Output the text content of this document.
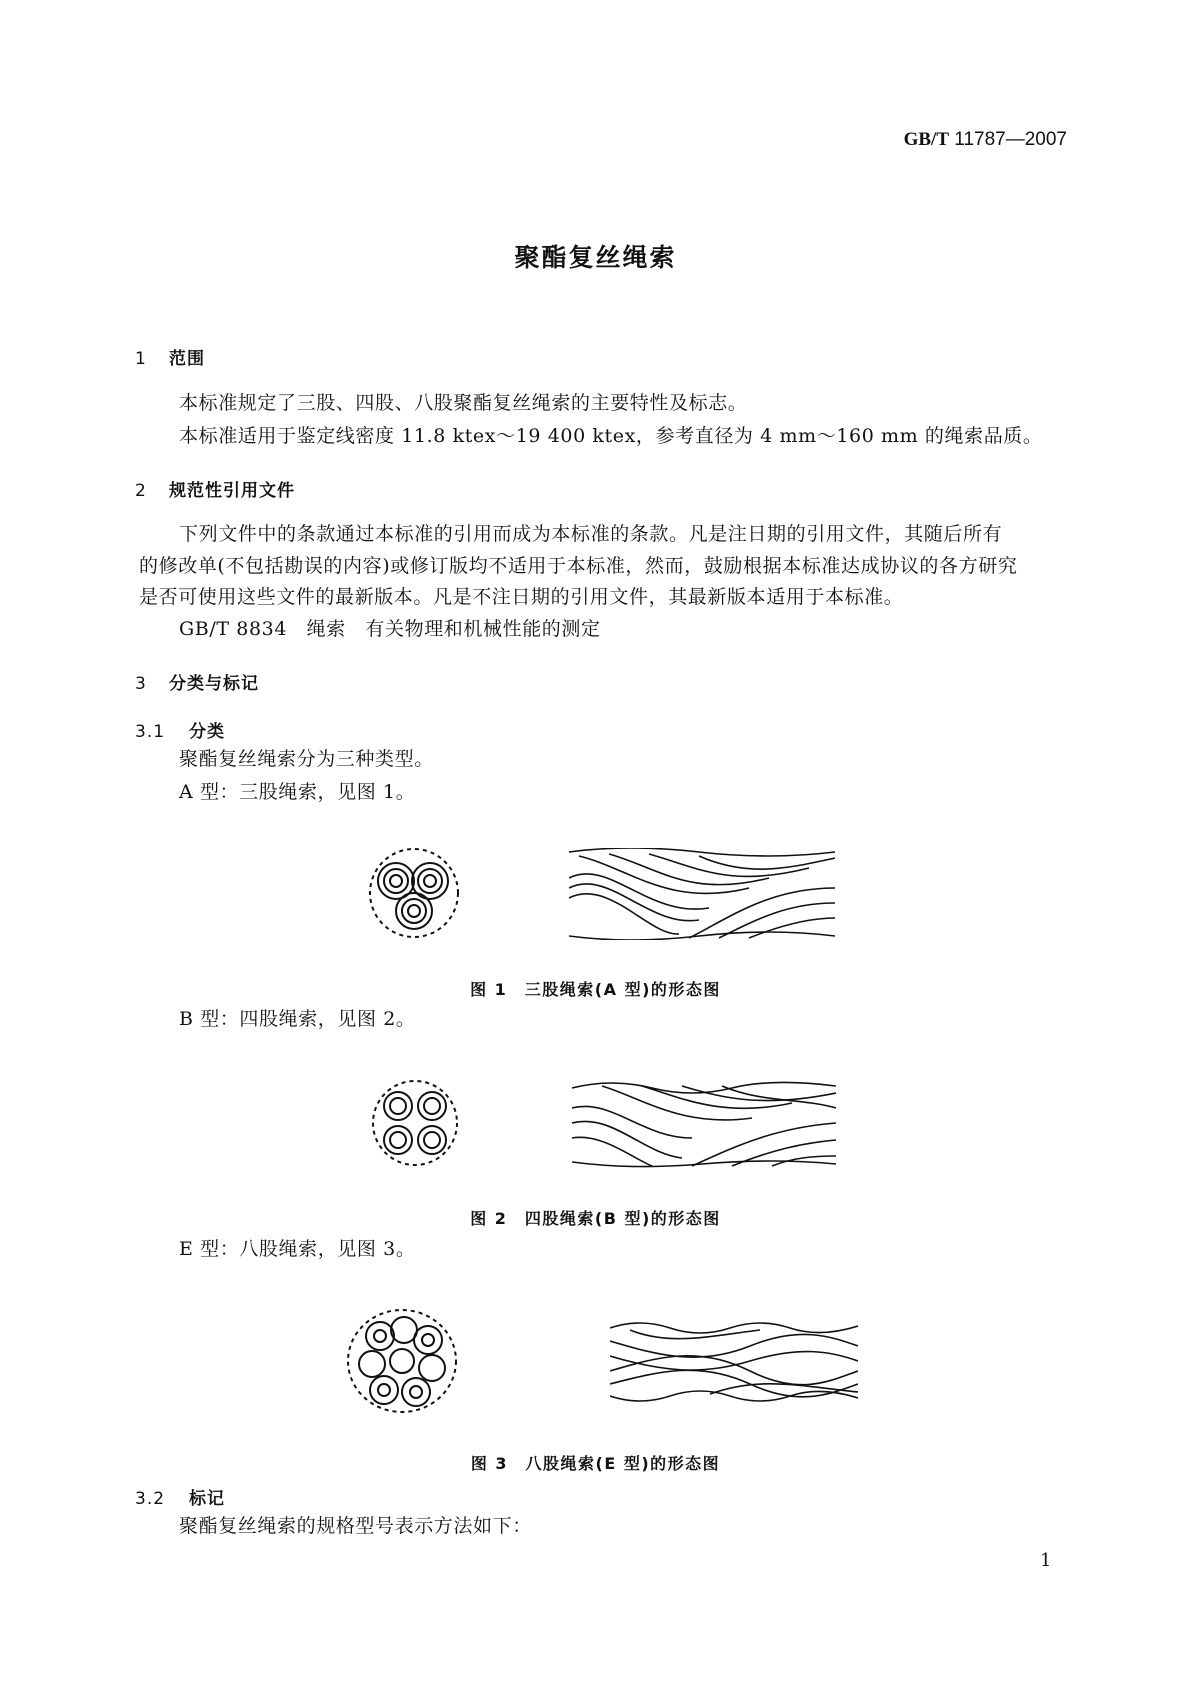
GB/T 11787—2007
聚酯复丝绳索
1 范围
本标准规定了三股、四股、八股聚酯复丝绳索的主要特性及标志。
本标准适用于鉴定线密度 11.8 ktex～19 400 ktex，参考直径为 4 mm～160 mm 的绳索品质。
2 规范性引用文件
下列文件中的条款通过本标准的引用而成为本标准的条款。凡是注日期的引用文件，其随后所有
的修改单(不包括勘误的内容)或修订版均不适用于本标准，然而，鼓励根据本标准达成协议的各方研究
是否可使用这些文件的最新版本。凡是不注日期的引用文件，其最新版本适用于本标准。
GB/T 8834　绳索　有关物理和机械性能的测定
3 分类与标记
3.1 分类
聚酯复丝绳索分为三种类型。
A 型：三股绳索，见图 1。
图 1　三股绳索(A 型)的形态图
B 型：四股绳索，见图 2。
图 2　四股绳索(B 型)的形态图
E 型：八股绳索，见图 3。
图 3　八股绳索(E 型)的形态图
3.2 标记
聚酯复丝绳索的规格型号表示方法如下：
1
